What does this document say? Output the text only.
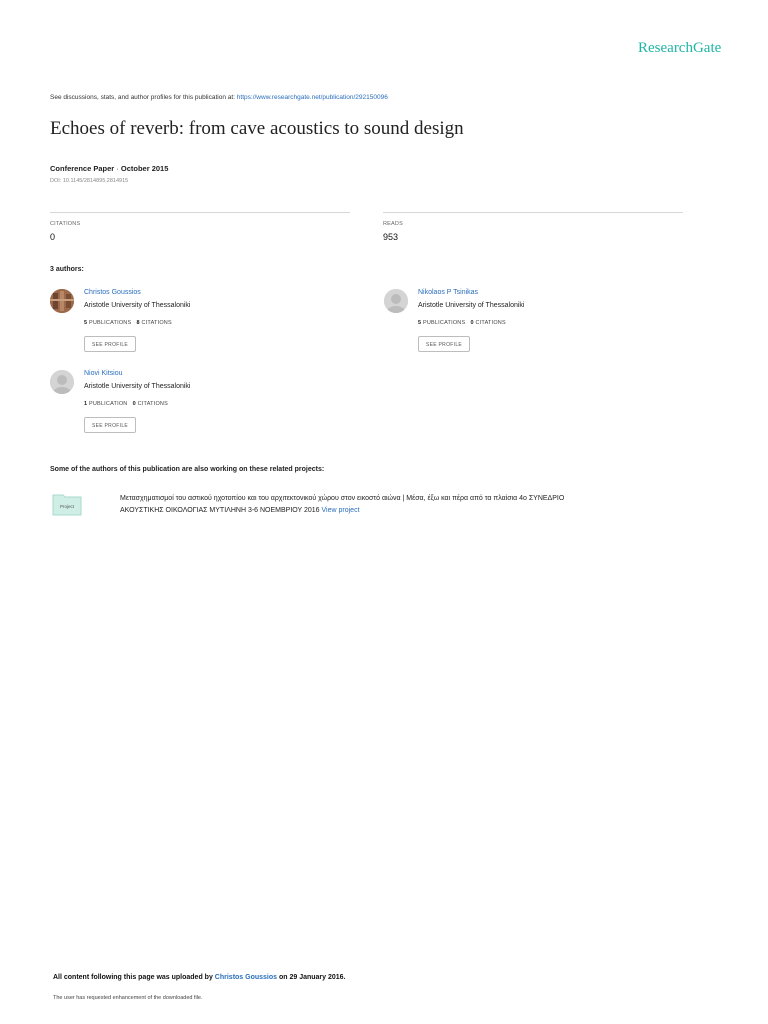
ResearchGate
See discussions, stats, and author profiles for this publication at: https://www.researchgate.net/publication/292150096
Echoes of reverb: from cave acoustics to sound design
Conference Paper · October 2015
DOI: 10.1145/2814895.2814915
CITATIONS
0
READS
953
3 authors:
Christos Goussios
Aristotle University of Thessaloniki
5 PUBLICATIONS 8 CITATIONS
SEE PROFILE
Nikolaos P Tsinikas
Aristotle University of Thessaloniki
5 PUBLICATIONS 0 CITATIONS
SEE PROFILE
Niovi Kitsiou
Aristotle University of Thessaloniki
1 PUBLICATION 0 CITATIONS
SEE PROFILE
Some of the authors of this publication are also working on these related projects:
Project
Μετασχηματισμοί του αστικού ηχοτοπίου και του αρχιτεκτονικού χώρου στον εικοστό αιώνα | Μέσα, έξω και πέρα από τα πλαίσια 4ο ΣΥΝΕΔΡΙΟ
ΑΚΟΥΣΤΙΚΗΣ ΟΙΚΟΛΟΓΙΑΣ ΜΥΤΙΛΗΝΗ 3-6 ΝΟΕΜΒΡΙΟΥ 2016 View project
All content following this page was uploaded by Christos Goussios on 29 January 2016.
The user has requested enhancement of the downloaded file.
